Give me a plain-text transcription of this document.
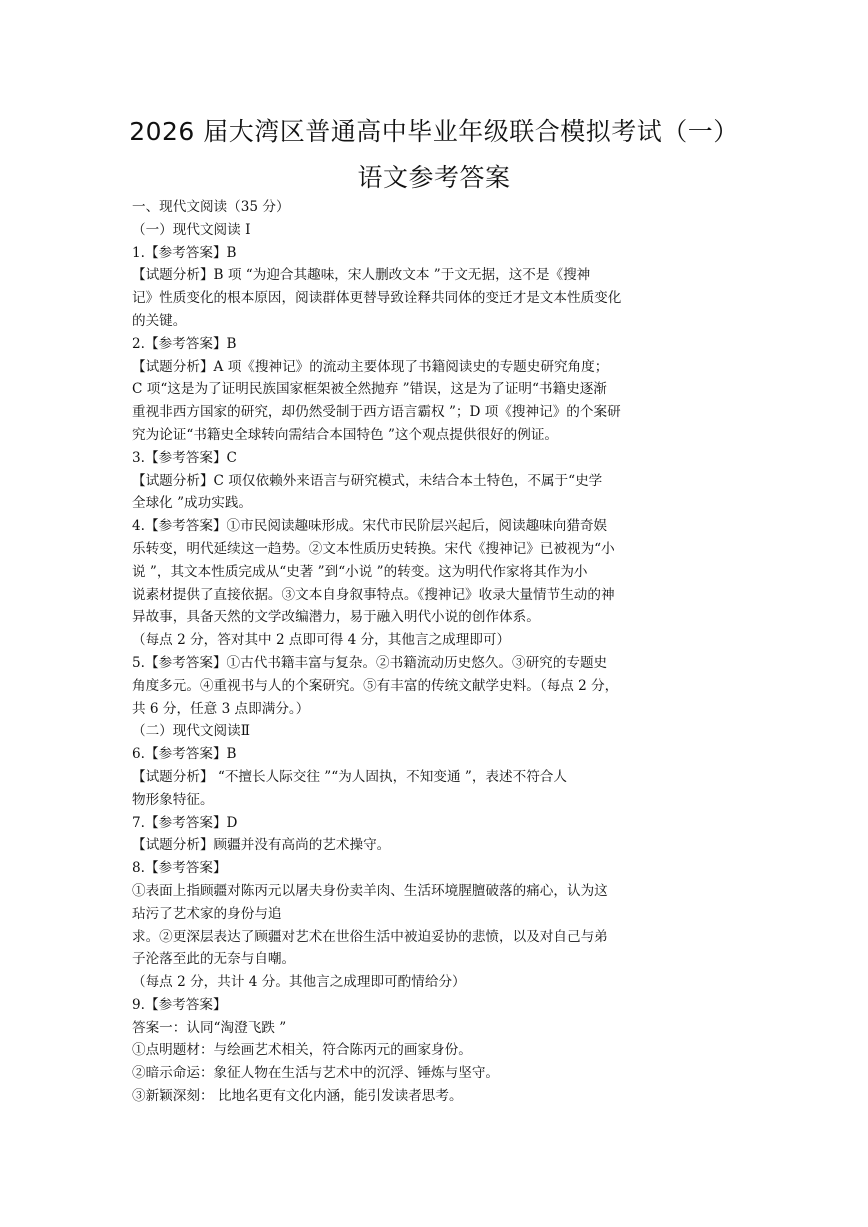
2026 届大湾区普通高中毕业年级联合模拟考试（一）
语文参考答案
一、现代文阅读（35 分）
（一）现代文阅读 Ⅰ
1.【参考答案】B
【试题分析】B 项 “为迎合其趣味，宋人删改文本 ”于文无据，这不是《搜神
记》性质变化的根本原因，阅读群体更替导致诠释共同体的变迁才是文本性质变化
的关键。
2.【参考答案】B
【试题分析】A 项《搜神记》的流动主要体现了书籍阅读史的专题史研究角度；
C 项“这是为了证明民族国家框架被全然抛弃 ”错误，这是为了证明“书籍史逐渐
重视非西方国家的研究，却仍然受制于西方语言霸权 ”；D 项《搜神记》的个案研
究为论证“书籍史全球转向需结合本国特色 ”这个观点提供很好的例证。
3.【参考答案】C
【试题分析】C 项仅依赖外来语言与研究模式，未结合本土特色，不属于“史学
全球化 ”成功实践。
4.【参考答案】①市民阅读趣味形成。宋代市民阶层兴起后，阅读趣味向猎奇娱
乐转变，明代延续这一趋势。②文本性质历史转换。宋代《搜神记》已被视为“小
说 ”，其文本性质完成从“史著 ”到“小说 ”的转变。这为明代作家将其作为小
说素材提供了直接依据。③文本自身叙事特点。《搜神记》收录大量情节生动的神
异故事，具备天然的文学改编潜力，易于融入明代小说的创作体系。
（每点 2 分，答对其中 2 点即可得 4 分，其他言之成理即可）
5.【参考答案】①古代书籍丰富与复杂。②书籍流动历史悠久。③研究的专题史
角度多元。④重视书与人的个案研究。⑤有丰富的传统文献学史料。（每点 2 分，
共 6 分，任意 3 点即满分。）
（二）现代文阅读Ⅱ
6.【参考答案】B
【试题分析】 “不擅长人际交往 ”“为人固执，不知变通 ”，表述不符合人
物形象特征。
7.【参考答案】D
【试题分析】顾疆并没有高尚的艺术操守。
8.【参考答案】
①表面上指顾疆对陈丙元以屠夫身份卖羊肉、生活环境腥膻破落的痛心，认为这
玷污了艺术家的身份与追
求。②更深层表达了顾疆对艺术在世俗生活中被迫妥协的悲愤，以及对自己与弟
子沦落至此的无奈与自嘲。
（每点 2 分，共计 4 分。其他言之成理即可酌情给分）
9.【参考答案】
答案一：认同“淘澄飞跌 ”
①点明题材：与绘画艺术相关，符合陈丙元的画家身份。
②暗示命运：象征人物在生活与艺术中的沉浮、锤炼与坚守。
③新颖深刻： 比地名更有文化内涵，能引发读者思考。
